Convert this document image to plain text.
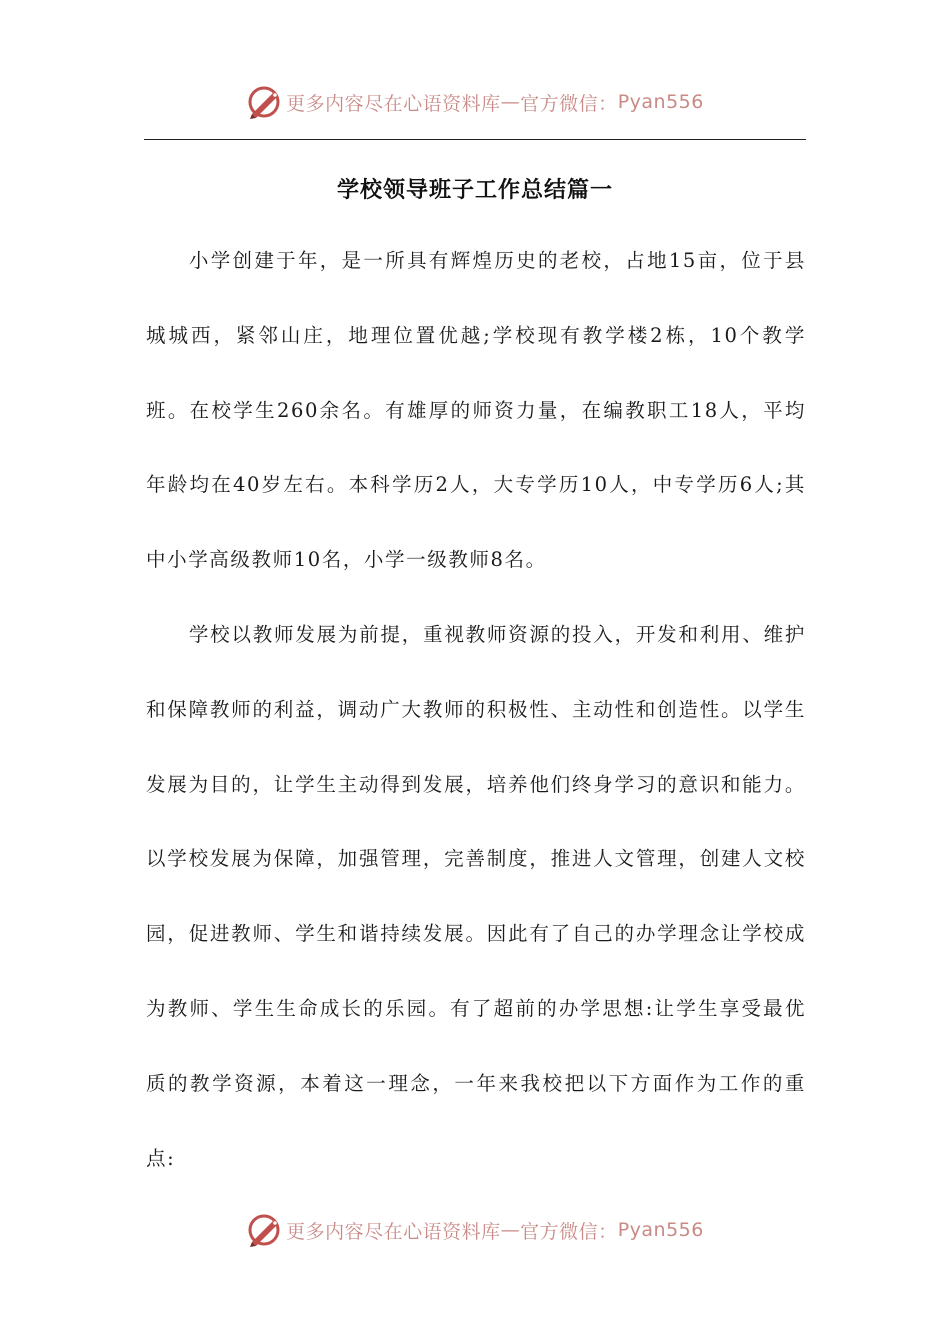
更多内容尽在心语资料库 — 官方微信： Pyan556
学校领导班子工作总结篇一

小学创建于年，是一所具有辉煌历史的老校，占地15亩，位于县城城西，紧邻山庄，地理位置优越;学校现有教学楼2栋，10个教学班。在校学生260余名。有雄厚的师资力量，在编教职工18人，平均年龄均在40岁左右。本科学历2人，大专学历10人，中专学历6人;其中小学高级教师10名，小学一级教师8名。

学校以教师发展为前提，重视教师资源的投入，开发和利用、维护和保障教师的利益，调动广大教师的积极性、主动性和创造性。以学生发展为目的，让学生主动得到发展，培养他们终身学习的意识和能力。以学校发展为保障，加强管理，完善制度，推进人文管理，创建人文校园，促进教师、学生和谐持续发展。因此有了自己的办学理念让学校成为教师、学生生命成长的乐园。有了超前的办学思想:让学生享受最优质的教学资源，本着这一理念，一年来我校把以下方面作为工作的重点:

更多内容尽在心语资料库 — 官方微信： Pyan556
